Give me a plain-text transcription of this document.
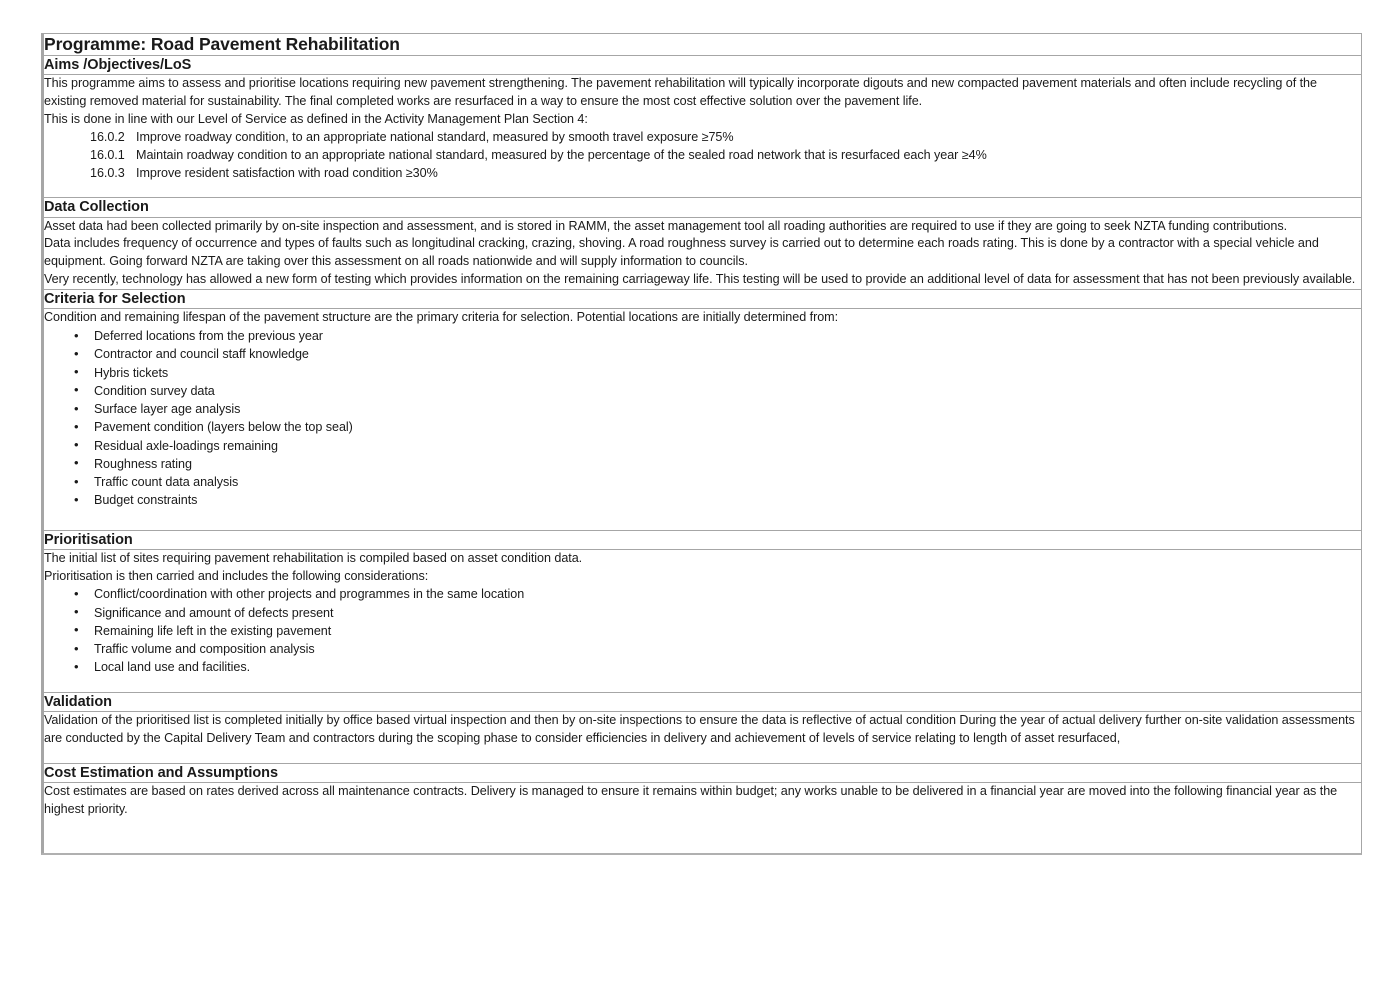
Programme: Road Pavement Rehabilitation

Aims /Objectives/LoS

This programme aims to assess and prioritise locations requiring new pavement strengthening. The pavement rehabilitation will typically incorporate digouts and new compacted pavement materials and often include recycling of the existing removed material for sustainability. The final completed works are resurfaced in a way to ensure the most cost effective solution over the pavement life.

This is done in line with our Level of Service as defined in the Activity Management Plan Section 4:

16.0.2 Improve roadway condition, to an appropriate national standard, measured by smooth travel exposure ≥75%

16.0.1 Maintain roadway condition to an appropriate national standard, measured by the percentage of the sealed road network that is resurfaced each year ≥4%

16.0.3 Improve resident satisfaction with road condition ≥30%

Data Collection

Asset data had been collected primarily by on-site inspection and assessment, and is stored in RAMM, the asset management tool all roading authorities are required to use if they are going to seek NZTA funding contributions.

Data includes frequency of occurrence and types of faults such as longitudinal cracking, crazing, shoving. A road roughness survey is carried out to determine each roads rating. This is done by a contractor with a special vehicle and equipment. Going forward NZTA are taking over this assessment on all roads nationwide and will supply information to councils.

Very recently, technology has allowed a new form of testing which provides information on the remaining carriageway life. This testing will be used to provide an additional level of data for assessment that has not been previously available.

Criteria for Selection

Condition and remaining lifespan of the pavement structure are the primary criteria for selection. Potential locations are initially determined from:

• Deferred locations from the previous year
• Contractor and council staff knowledge
• Hybris tickets
• Condition survey data
• Surface layer age analysis
• Pavement condition (layers below the top seal)
• Residual axle-loadings remaining
• Roughness rating
• Traffic count data analysis
• Budget constraints

Prioritisation

The initial list of sites requiring pavement rehabilitation is compiled based on asset condition data.

Prioritisation is then carried and includes the following considerations:

• Conflict/coordination with other projects and programmes in the same location
• Significance and amount of defects present
• Remaining life left in the existing pavement
• Traffic volume and composition analysis
• Local land use and facilities.

Validation

Validation of the prioritised list is completed initially by office based virtual inspection and then by on-site inspections to ensure the data is reflective of actual condition During the year of actual delivery further on-site validation assessments are conducted by the Capital Delivery Team and contractors during the scoping phase to consider efficiencies in delivery and achievement of levels of service relating to length of asset resurfaced,

Cost Estimation and Assumptions

Cost estimates are based on rates derived across all maintenance contracts. Delivery is managed to ensure it remains within budget; any works unable to be delivered in a financial year are moved into the following financial year as the highest priority.
